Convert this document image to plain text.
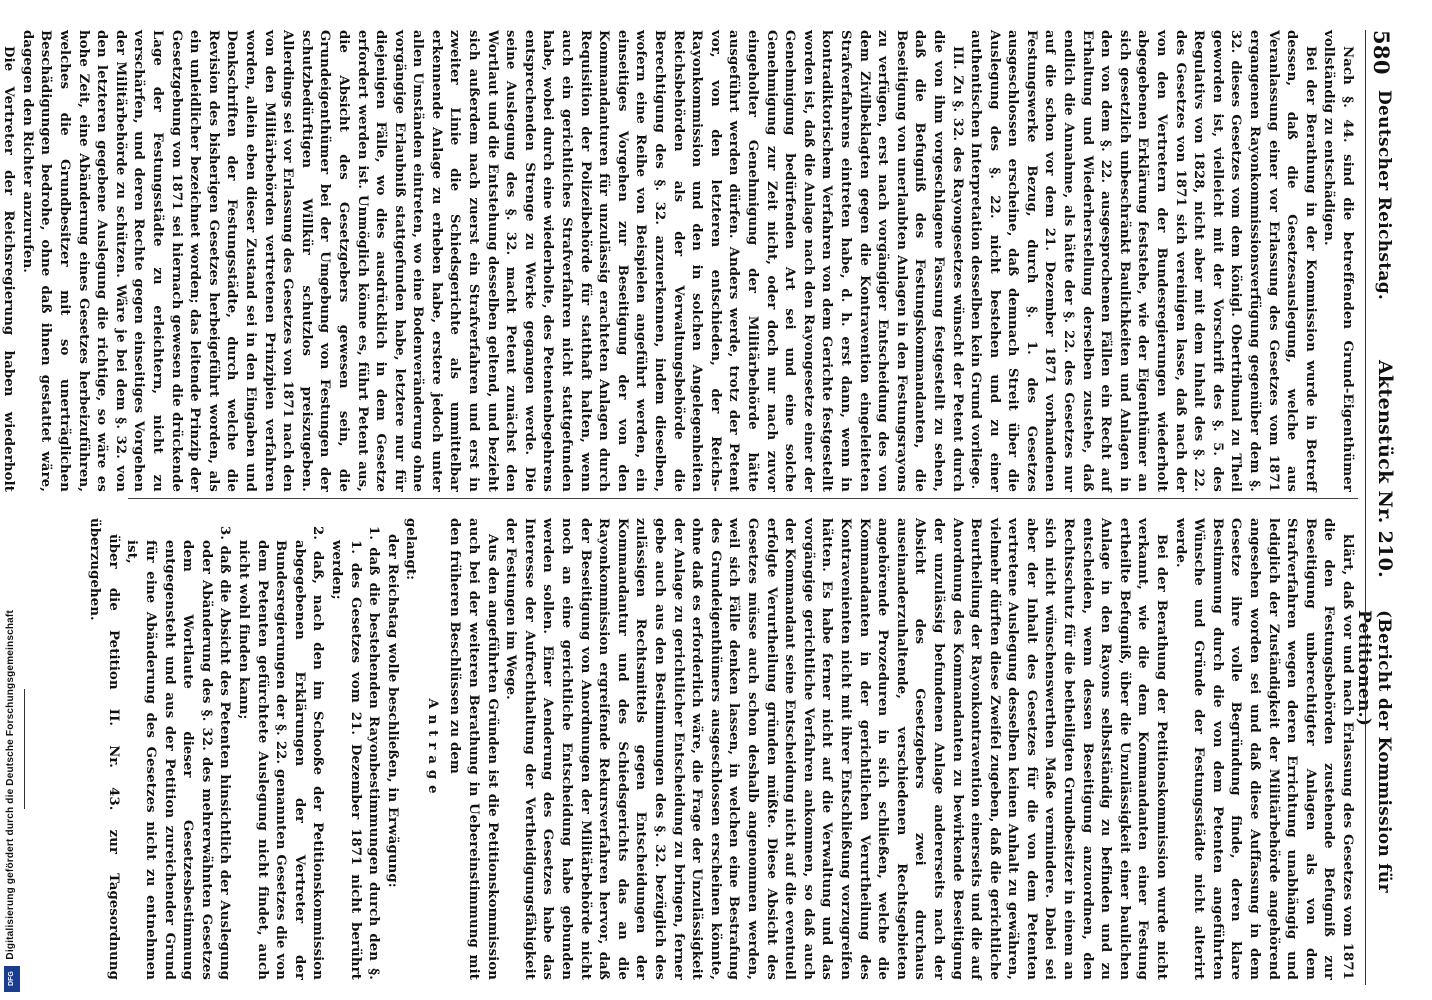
580
Deutscher Reichstag.
Aktenstück Nr. 210.
(Bericht der Kommission für Petitionen.)

Nach §. 44. sind die betreffenden Grund-Eigenthümer vollständig zu entschädigen.

Bei der Berathung in der Kommission wurde in Betreff dessen, daß die Gesetzesauslegung, welche aus Veranlassung einer vor Erlassung des Gesetzes vom 1871 ergangenen Rayonkommissionsverfügung gegenüber dem §. 32. dieses Gesetzes vom dem königl. Obertribunal zu Theil geworden ist, vielleicht mit der Vorschrift des §. 5. des Regulativs von 1828, nicht aber mit dem Inhalt des §. 22. des Gesetzes von 1871 sich vereinigen lasse, daß nach der von den Vertretern der Bundesregierungen wiederholt abgegebenen Erklärung feststehe, wie der Eigenthümer an sich gesetzlich unbeschränkt Baulichkeiten und Anlagen in den von dem §. 22. ausgesprochenen Fällen ein Recht auf Erhaltung und Wiederherstellung derselben zustehe, daß endlich die Annahme, als hätte der §. 22. des Gesetzes nur auf die schon vor dem 21. Dezember 1871 vorhandenen Festungswerke Bezug, durch §. 1. des Gesetzes ausgeschlossen erscheine, daß demnach Streit über die Auslegung des §. 22. nicht bestehen und zu einer authentischen Interpretation desselben kein Grund vorliege.

III. Zu §. 32. des Rayongesetzes wünscht der Petent durch die von ihm vorgeschlagene Fassung festgestellt zu sehen, daß die Befugniß des Festungskommandanten, die Beseitigung von unerlaubten Anlagen in den Festungsrayons zu verfügen, erst nach vorgängiger Entscheidung des von dem Zivilbeklagten gegen die Kontravention eingeleiteten Strafverfahrens eintreten habe, d. h. erst dann, wenn in kontradiktorischem Verfahren von dem Gerichte festgestellt worden ist, daß die Anlage nach den Rayongesetze einer der Genehmigung bedürfenden Art sei und eine solche Genehmigung zur Zeit nicht, oder doch nur nach zuvor eingeholter Genehmigung der Militärbehörde hätte ausgeführt werden dürfen. Anders werde, trotz der Petent vor, von den letzteren entschieden, der Reichs-Rayonkommission und den in solchen Angelegenheiten Reichsbehörden als der Verwaltungsbehörde die Berechtigung des §. 32. anzuerkennen, indem dieselben, wofern eine Reihe von Beispielen angeführt werden, ein einseitiges Vorgehen zur Beseitigung der von den Kommandanturen für unzulässig erachteten Anlagen durch Requisition der Polizeibehörde für statthaft halten, wenn auch ein gerichtliches Strafverfahren nicht stattgefunden habe, wobei durch eine wiederholte, des Petentenbegehrens entsprechenden Strenge zu Werke gegangen werde. Die seine Auslegung des §. 32. macht Petent zunächst den Wortlaut und die Entstehung desselben geltend, und bezieht sich außerdem nach zuerst ein Strafverfahren und erst in zweiter Linie die Schiedsgerichte als unmittelbar erkennende Anlage zu erheben habe, erstere jedoch unter allen Umständen eintreten, wo eine Bodenveränderung ohne vorgängige Erlaubniß stattgefunden habe, letztere nur für diejenigen Fälle, wo dies ausdrücklich in dem Gesetze erfordert werden ist. Unmöglich könne es, führt Petent aus, die Absicht des Gesetzgebers gewesen sein, die Grundeigenthümer bei der Umgebung von Festungen der schutzbedürftigen Willkür schutzlos preiszugeben. Allerdings sei vor Erlassung des Gesetzes von 1871 nach den von den Militärbehörden vertretenen Prinzipien verfahren worden, allein eben dieser Zustand sei in den Eingaben und Denkschriften der Festungsstädte, durch welche die Revision des bisherigen Gesetzes herbeigeführt worden, als ein unleidlicher bezeichnet worden; das leitende Prinzip der Gesetzgebung von 1871 sei hiernach gewesen die drückende Lage der Festungsstädte zu erleichtern, nicht zu verschärfen, und deren Rechte gegen einseitiges Vorgehen der Militärbehörde zu schützen. Wäre je bei dem §. 32. von den letzteren gegebene Auslegung die richtige, so wäre es hohe Zeit, eine Abänderung eines Gesetzes herbeizuführen, welches die Grundbesitzer mit so unerträglichen Beschädigungen bedrohe, ohne daß ihnen gestattet wäre, dagegen den Richter anzurufen.

Die Vertreter der Reichsregierung haben wiederholt

klärt, daß vor und nach Erlassung des Gesetzes vom 1871 die den Festungsbehörden zustehende Befugniß zur Beseitigung unberechtigter Anlagen als von dem Strafverfahren wegen deren Errichtung unabhängig und lediglich der Zuständigkeit der Militärbehörde angehörend angesehen worden sei und daß diese Auffassung in dem Gesetze ihre volle Begründung finde, deren klare Bestimmung durch die von dem Petenten angeführten Wünsche und Gründe der Festungsstädte nicht alterirt werde.

Bei der Berathung der Petitionskommission wurde nicht verkannt, wie die dem Kommandanten einer Festung ertheilte Befugniß, über die Unzulässigkeit einer baulichen Anlage in den Rayons selbstständig zu befinden und zu entscheiden, wenn dessen Beseitigung anzuordnen, den Rechtsschutz für die betheiligten Grundbesitzer in einem an sich nicht wünschenswerthen Maße vermindere. Dabei sei aber der Inhalt des Gesetzes für die von dem Petenten vertretene Auslegung desselben keinen Anhalt zu gewähren, vielmehr dürften diese Zweifel zugeben, daß die gerichtliche Beurtheilung der Rayonkontravention einerseits und die auf Anordnung des Kommandanten zu bewirkende Beseitigung der unzulässig befundenen Anlage andererseits nach der Absicht des Gesetzgebers zwei durchaus auseinanderzuhaltende, verschiedenen Rechtsgebieten angehörende Prozeduren in sich schließen, welche die Kommandanten in der gerichtlichen Verurtheilung des Kontravenienten nicht mit ihrer Entschließung vorzugreifen hätten. Es habe ferner nicht auf die Verwaltung und das vorgängige gerichtliche Verfahren ankommen, so daß auch der Kommandant seine Entscheidung nicht auf die eventuell erfolgte Verurtheilung gründen müßte. Diese Absicht des Gesetzes müsse auch schon deshalb angenommen werden, weil sich Fälle denken lassen, in welchen eine Bestrafung des Grundeigenthümers ausgeschlossen erscheinen könnte, ohne daß es erforderlich wäre, die Frage der Unzulässigkeit der Anlage zu gerichtlicher Entscheidung zu bringen, ferner gebe auch aus den Bestimmungen des §. 32. bezüglich des zulässigen Rechtsmittels gegen Entscheidungen der Kommandantur und des Schiedsgerichts das an die Rayonkommission ergreifende Rekursverfahren hervor, daß der Beseitigung von Anordnungen der Militärbehörde nicht noch an eine gerichtliche Entscheidung habe gebunden werden sollen. Einer Aenderung des Gesetzes habe das Interesse der Aufrechthaltung der Vertheidigungsfähigkeit der Festungen im Wege.

Aus den angeführten Gründen ist die Petitionskommission auch bei der weiteren Berathung in Uebereinstimmung mit den früheren Beschlüssen zu dem

Antrage

gelangt:

der Reichstag wolle beschließen, in Erwägung:

1. daß die bestehenden Rayonbestimmungen durch den §. 1. des Gesetzes vom 21. Dezember 1871 nicht berührt werden;
2. daß, nach den im Schooße der Petitionskommission abgegebenen Erklärungen der Vertreter der Bundesregierungen der §. 22. genannten Gesetzes die von dem Petenten gefürchtete Auslegung nicht findet, auch nicht wohl finden kann;
3. daß die Absicht des Petenten hinsichtlich der Auslegung oder Abänderung des §. 32. des mehrerwähnten Gesetzes dem Wortlaute dieser Gesetzesbestimmung entgegensteht und aus der Petition zureichender Grund für eine Abänderung des Gesetzes nicht zu entnehmen ist,

über die Petition II. Nr. 43. zur Tagesordnung überzugehen.

Digitalisierung gefördert durch die Deutsche Forschungsgemeinschaft
DFG
